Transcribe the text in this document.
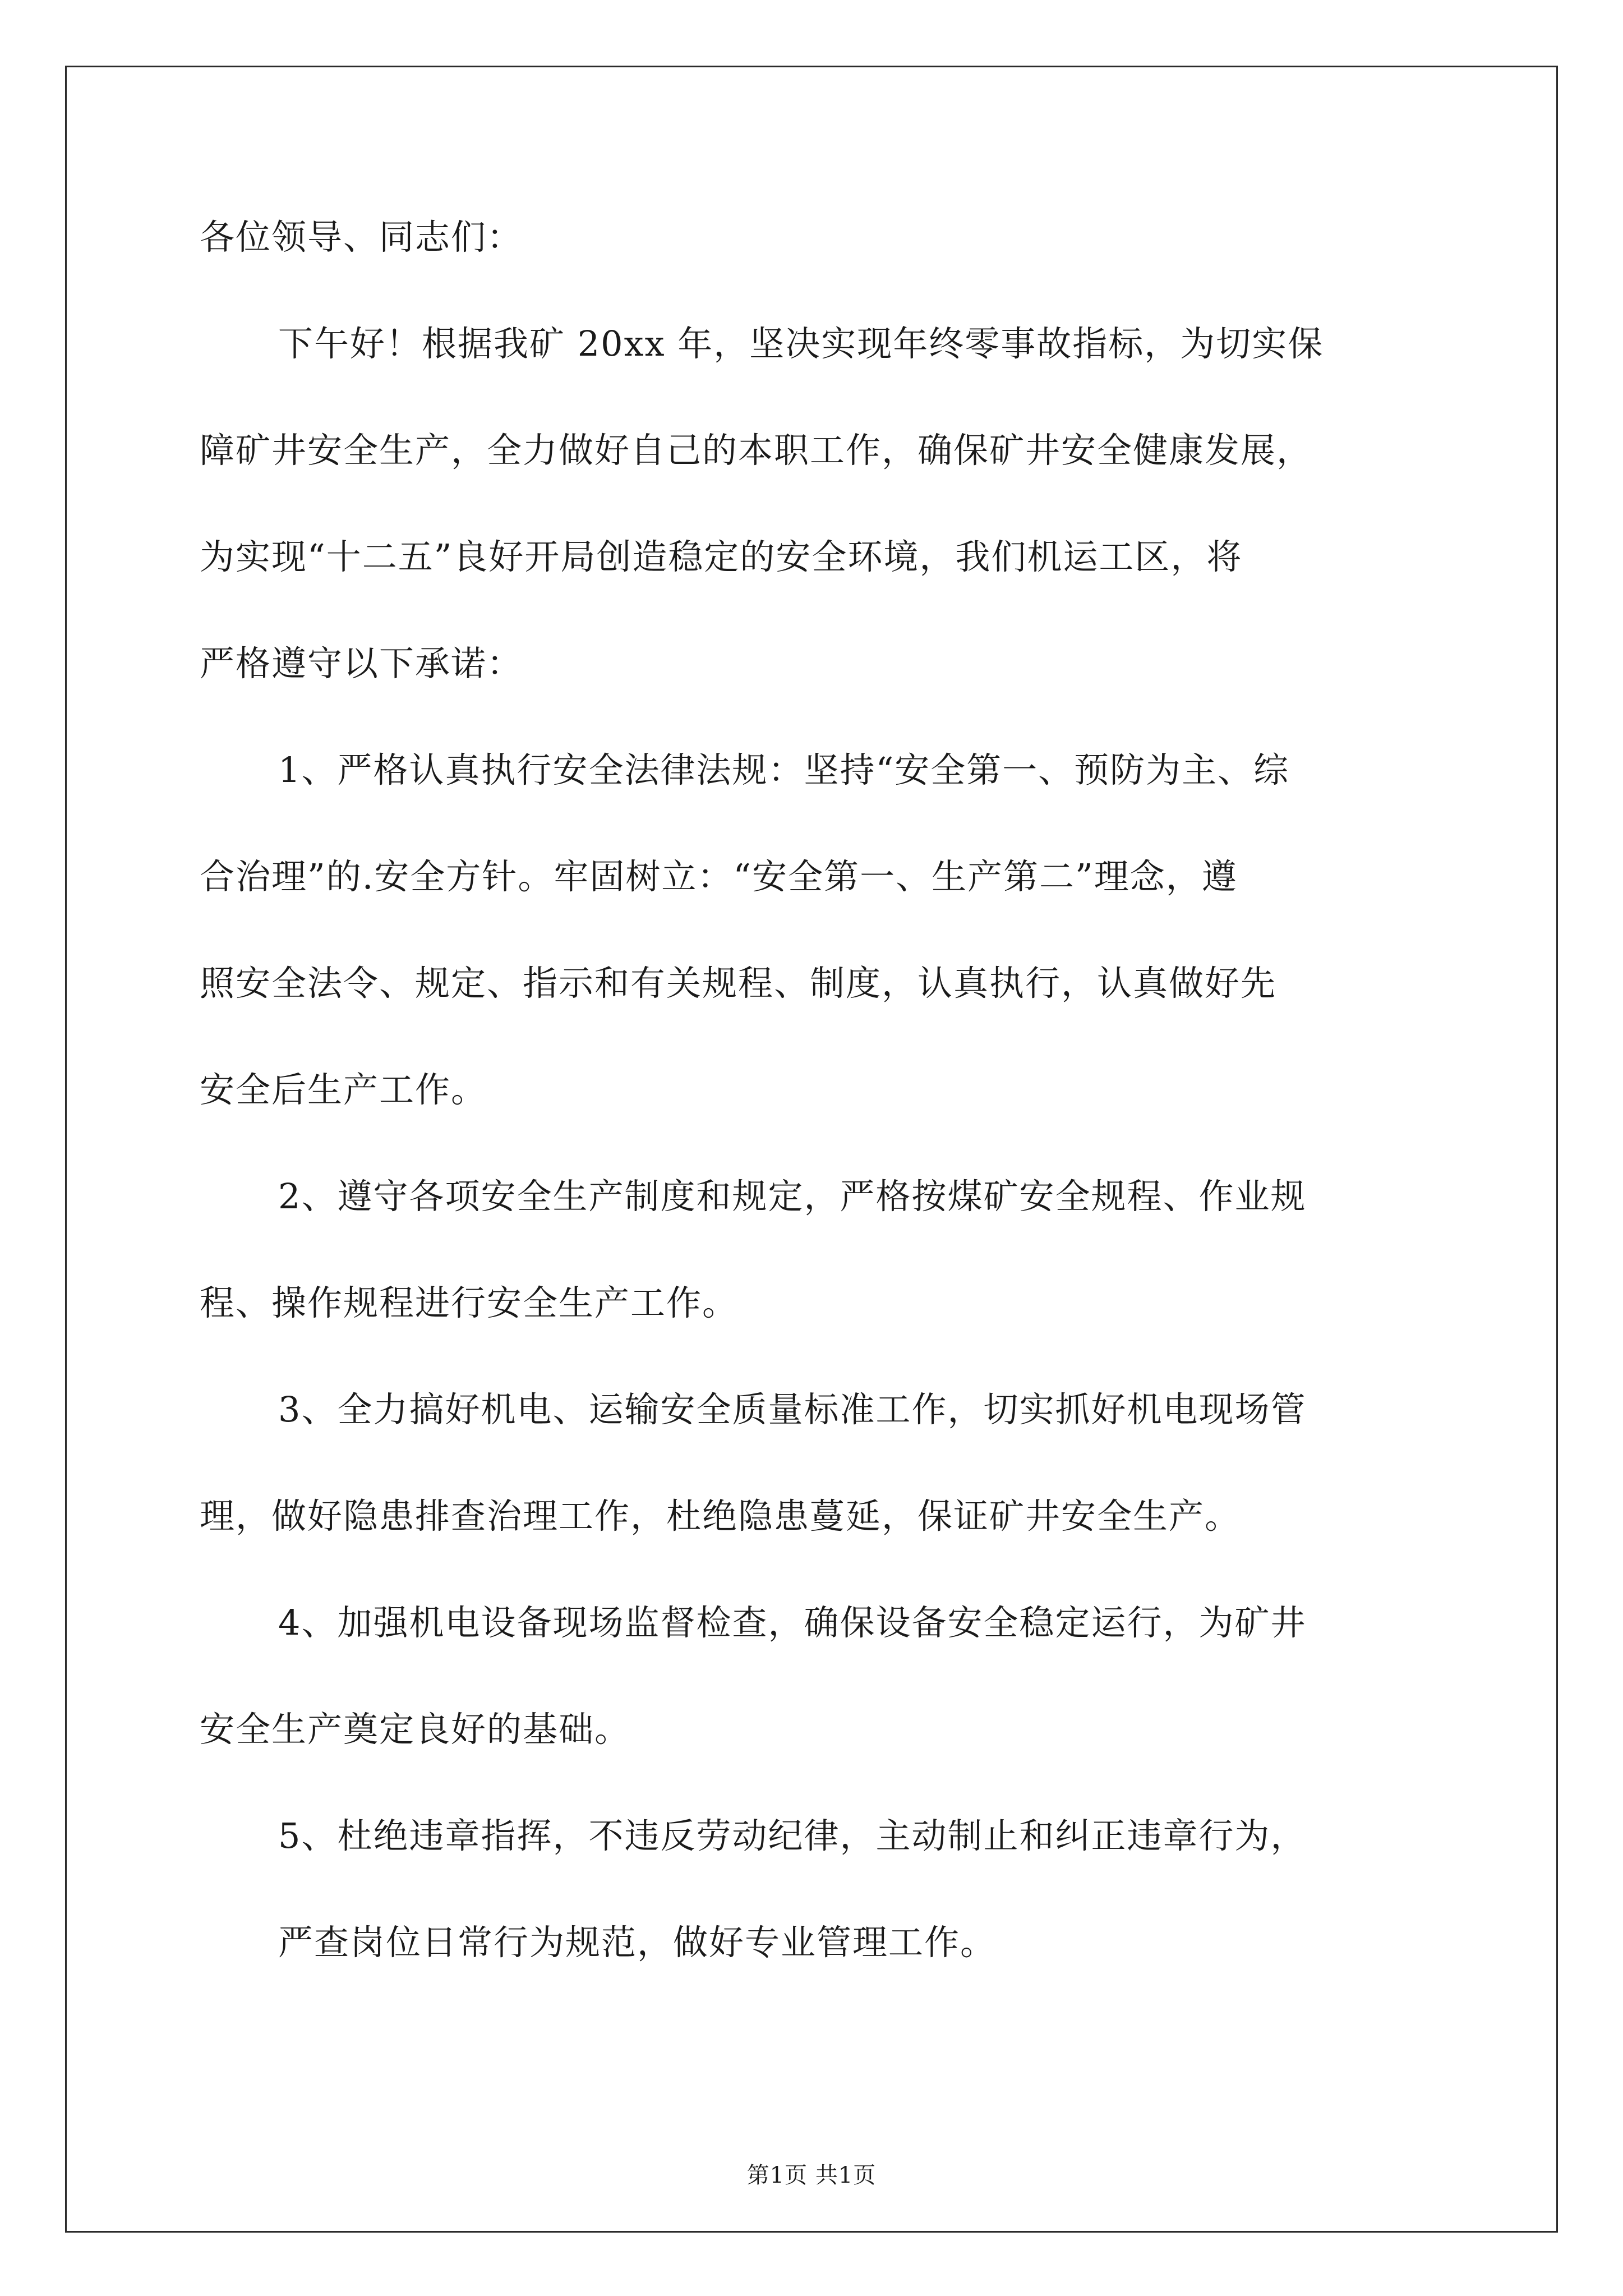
各位领导、同志们：
下午好！根据我矿 20xx 年，坚决实现年终零事故指标，为切实保
障矿井安全生产，全力做好自己的本职工作，确保矿井安全健康发展，
为实现“十二五”良好开局创造稳定的安全环境，我们机运工区，将
严格遵守以下承诺：
1、严格认真执行安全法律法规：坚持“安全第一、预防为主、综
合治理”的.安全方针。牢固树立：“安全第一、生产第二”理念，遵
照安全法令、规定、指示和有关规程、制度，认真执行，认真做好先
安全后生产工作。
2、遵守各项安全生产制度和规定，严格按煤矿安全规程、作业规
程、操作规程进行安全生产工作。
3、全力搞好机电、运输安全质量标准工作，切实抓好机电现场管
理，做好隐患排查治理工作，杜绝隐患蔓延，保证矿井安全生产。
4、加强机电设备现场监督检查，确保设备安全稳定运行，为矿井
安全生产奠定良好的基础。
5、杜绝违章指挥，不违反劳动纪律，主动制止和纠正违章行为，
严查岗位日常行为规范，做好专业管理工作。
第1页 共1页
